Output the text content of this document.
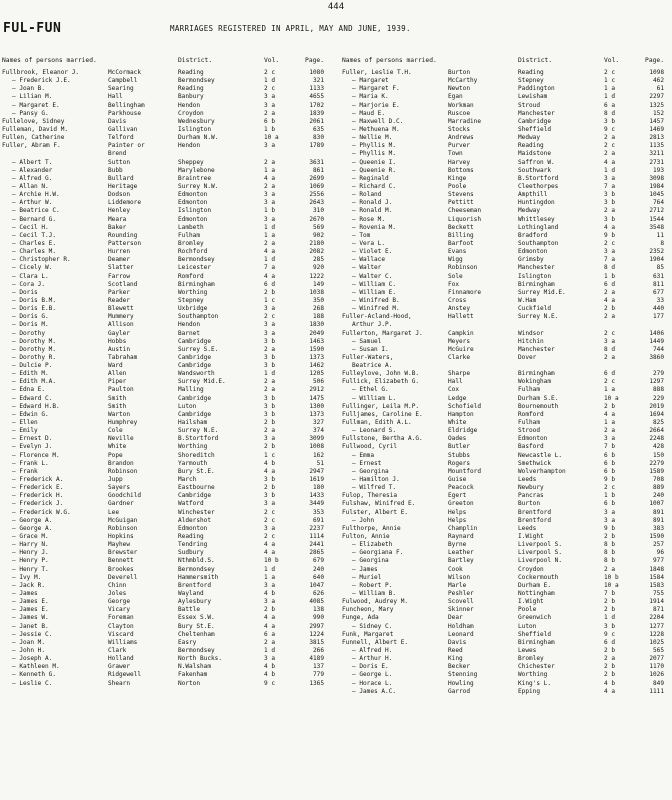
444
FUL-FUN	MARRIAGES REGISTERED IN APRIL, MAY AND JUNE, 1939.
Names of persons married.	District.	Vol.	Page.
Fullbrook, Eleanor J.	McCormack	Reading	2 c	1080
— Frederick J.E.	Campbell	Bermondsey	1 d	321
— Joan B.	Searing	Reading	2 c	1133
— Lilian M.	Hall	Banbury	3 a	4655
— Margaret E.	Bellingham	Hendon	3 a	1702
— Pansy G.	Parkhouse	Croydon	2 a	1839
Fullelove, Sidney	Davis	Wednesbury	6 b	2061
Fulleman, David M.	Gallivan	Islington	1 b	635
Fullen, Catherine	Telford	Durham N.W.	10 a	830
Fuller, Abram F.	Painter or	Hendon	3 a	1789
Brend
— Albert T.	Sutton	Sheppey	2 a	3631
— Alexander	Bubb	Marylebone	1 a	861
— Alfred G.	Bullard	Braintree	4 a	2699
— Allan N.	Heritage	Surrey N.W.	2 a	1069
— Archie H.W.	Dodson	Edmonton	3 a	2556
— Arthur W.	Liddemore	Edmonton	3 a	2643
— Beatrice C.	Henley	Islington	1 b	310
— Bernard G.	Meara	Edmonton	3 a	2670
— Cecil H.	Baker	Lambeth	1 d	569
— Cecil T.J.	Rounding	Fulham	1 a	902
— Charles E.	Patterson	Bromley	2 a	2180
— Charles M.	Hurren	Rochford	4 a	2082
— Christopher R.	Deamer	Bermondsey	1 d	285
— Cicely W.	Slatter	Leicester	7 a	920
— Clara L.	Farrow	Romford	4 a	1222
— Cora J.	Scotland	Birmingham	6 d	149
— Doris	Parker	Worthing	2 b	1038
— Doris B.M.	Reader	Stepney	1 c	350
— Doris E.B.	Blewett	Uxbridge	3 a	268
— Doris G.	Mummery	Southampton	2 c	188
— Doris M.	Allison	Hendon	3 a	1830
— Dorothy	Gayler	Barnet	3 a	2049
— Dorothy M.	Hobbs	Cambridge	3 b	1463
— Dorothy M.	Austin	Surrey S.E.	2 a	1590
— Dorothy R.	Tabraham	Cambridge	3 b	1373
— Dulcie P.	Ward	Cambridge	3 b	1462
— Edith M.	Allen	Wandsworth	1 d	1205
— Edith M.A.	Piper	Surrey Mid.E.	2 a	506
— Edna E.	Paulton	Malling	2 a	2912
— Edward C.	Smith	Cambridge	3 b	1475
— Edward H.B.	Smith	Luton	3 b	1300
— Edwin G.	Warton	Cambridge	3 b	1373
— Ellen	Humphrey	Hailsham	2 b	327
— Emily	Cole	Surrey N.E.	2 a	374
— Ernest D.	Neville	B.Stortford	3 a	3099
— Evelyn J.	White	Worthing	2 b	1008
— Florence M.	Pope	Shoreditch	1 c	162
— Frank L.	Brandon	Yarmouth	4 b	51
— Frank	Robinson	Bury St.E.	4 a	2947
— Frederick A.	Jupp	March	3 b	1619
— Frederick E.	Sayers	Eastbourne	2 b	180
— Frederick H.	Goodchild	Cambridge	3 b	1433
— Frederick J.	Gardner	Watford	3 a	3449
— Frederick W.G.	Lee	Winchester	2 c	353
— George A.	McGuigan	Aldershot	2 c	691
— George A.	Robinson	Edmonton	3 a	2237
— Grace M.	Hopkins	Reading	2 c	1114
— Harry N.	Mayhew	Tendring	4 a	2441
— Henry J.	Brewster	Sudbury	4 a	2865
— Henry P.	Bennett	Nthmbld.S.	10 b	679
— Henry T.	Brookes	Bermondsey	1 d	240
— Ivy M.	Deverell	Hammersmith	1 a	640
— Jack R.	Chinn	Brentford	3 a	1047
— James	Joles	Wayland	4 b	626
— James E.	George	Aylesbury	3 a	4085
— James E.	Vicary	Battle	2 b	138
— James W.	Foreman	Essex S.W.	4 a	990
— Janet B.	Clayton	Bury St.E.	4 a	2997
— Jessie C.	Viscard	Cheltenham	6 a	1224
— Joan M.	Williams	Easry	2 a	3815
— John H.	Clark	Bermondsey	1 d	266
— Joseph A.	Holland	North Bucks.	3 a	4189
— Kathleen M.	Grawer	N.Walsham	4 b	137
— Kenneth G.	Ridgewell	Fakenham	4 b	779
— Leslie C.	Shearn	Norton	9 c	1365
Names of persons married.	District.	Vol.	Page.
Fuller, Leslie T.H.	Burton	Reading	2 c	1098
— Margaret	McCarthy	Stepney	1 c	462
— Margaret F.	Newton	Paddington	1 a	61
— Maria K.	Egan	Lewisham	1 d	2297
— Marjorie E.	Workman	Stroud	6 a	1325
— Maud E.	Ruscoe	Manchester	8 d	152
— Maxwell D.C.	Marradine	Cambridge	3 b	1457
— Methuena M.	Stocks	Sheffield	9 c	1469
— Nellie M.	Andrews	Medway	2 a	2813
— Phyllis M.	Purver	Reading	2 c	1135
— Phyllis M.	Town	Maidstone	2 a	3211
— Queenie I.	Harvey	Saffron W.	4 a	2731
— Queenie R.	Bottoms	Southwark	1 d	193
— Reginald	Kinge	B.Stortford	3 a	3098
— Richard C.	Poole	Cleethorpes	7 a	1984
— Roland	Stevens	Ampthill	3 b	1045
— Ronald J.	Pettitt	Huntingdon	3 b	764
— Ronald M.	Cheeseman	Medway	2 a	2712
— Rose M.	Liquorish	Whittlesey	3 b	1544
— Rovenia M.	Beckett	Lothingland	4 a	3548
— Tom	Billing	Bradford	9 b	11
— Vera L.	Barfoot	Southampton	2 c	8
— Violet E.	Evans	Edmonton	3 a	2352
— Wallace	Wigg	Grimsby	7 a	1904
— Walter	Robinson	Manchester	8 d	85
— Walter C.	Sole	Islington	1 b	631
— William C.	Fox	Birmingham	6 d	811
— William E.	Finnamore	Surrey Mid.E.	2 a	677
— Winifred B.	Cross	W.Ham	4 a	33
— Winifred M.	Anstey	Cuckfield	2 b	440
Fuller-Acland-Hood,	Hallett	Surrey N.E.	2 a	177
Arthur J.P.
Fullerton, Margaret J.	Campkin	Windsor	2 c	1406
— Samuel	Meyers	Hitchin	3 a	1449
— Susan I.	McGuire	Manchester	8 d	744
Fuller-Waters,	Clarke	Dover	2 a	3860
Beatrice A.
Fulleylove, John W.B.	Sharpe	Birmingham	6 d	279
Fullick, Elizabeth G.	Hall	Wokingham	2 c	1297
— Ethel G.	Cox	Fulham	1 a	888
— William L.	Ledge	Durham S.E.	10 a	229
Fullinger, Leila M.P.	Schofield	Bournemouth	2 b	2019
Fulljames, Caroline E.	Hampton	Romford	4 a	1694
Fullman, Edith A.L.	White	Fulham	1 a	825
— Leonard S.	Eldridge	Strood	2 a	2664
Fullstone, Bertha A.G.	Oades	Edmonton	3 a	2248
Fullwood, Cyril	Butler	Basford	7 b	428
— Emma	Stubbs	Newcastle L.	6 b	150
— Ernest	Rogers	Smethwick	6 b	2279
— Georgina	Mountford	Wolverhampton	6 b	1589
— Hamilton J.	Guise	Leeds	9 b	708
— Wilfred T.	Peacock	Newbury	2 c	889
Fulop, Theresia	Egert	Pancras	1 b	240
Fulshaw, Winifred E.	Greeton	Burton	6 b	1007
Fulster, Albert E.	Helps	Brentford	3 a	891
— John	Helps	Brentford	3 a	891
Fulthorpe, Annie	Champlin	Leeds	9 b	383
Fulton, Annie	Raynard	I.Wight	2 b	1590
— Elizabeth	Byrne	Liverpool S.	8 b	257
— Georgiana F.	Leather	Liverpool S.	8 b	96
— Georgina	Bartley	Liverpool N.	8 b	977
— James	Cook	Croydon	2 a	1848
— Muriel	Wilson	Cockermouth	10 b	1584
— Robert P.	Marle	Durham E.	10 a	1583
— William B.	Peshler	Nottingham	7 b	755
Fulwood, Audrey M.	Scovell	I.Wight	2 b	1914
Funcheon, Mary	Skinner	Poole	2 b	871
Funge, Ada	Dear	Greenwich	1 d	2204
— Sidney C.	Holdham	Luton	3 b	1277
Funk, Margaret	Leonard	Sheffield	9 c	1228
Funnell, Albert E.	Davis	Birmingham	6 d	1025
— Alfred H.	Reed	Lewes	2 b	565
— Arthur H.	King	Bromley	2 a	2077
— Doris E.	Becker	Chichester	2 b	1170
— George L.	Stenning	Worthing	2 b	1026
— Horace L.	Howling	King's L.	4 b	849
— James A.C.	Garrod	Epping	4 a	1111
